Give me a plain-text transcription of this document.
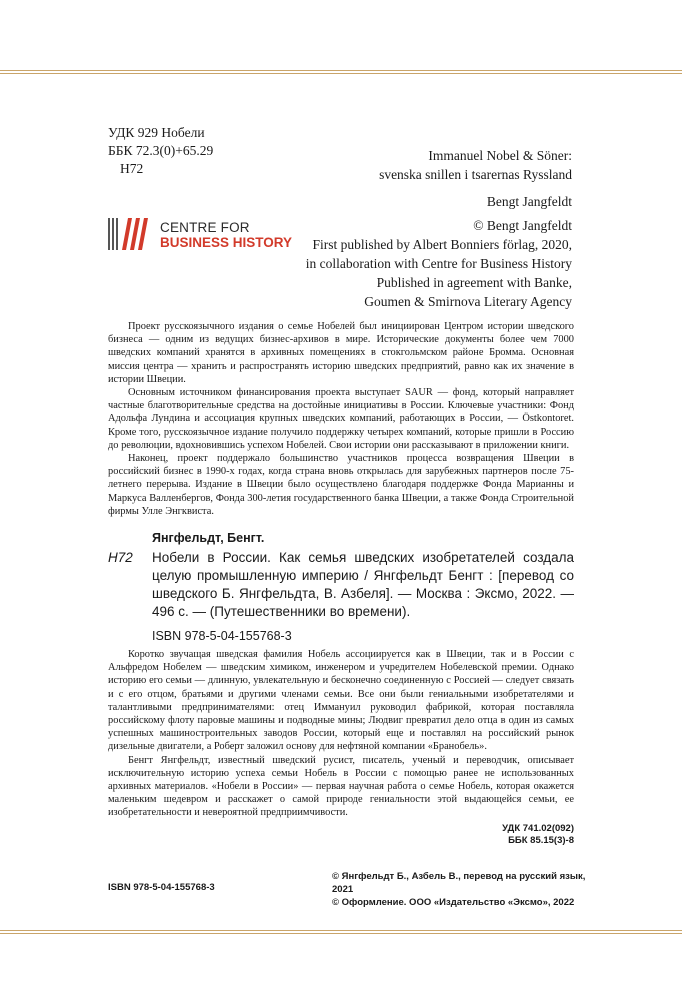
УДК 929 Нобели
ББК 72.3(0)+65.29
Н72
Immanuel Nobel & Söner:
svenska snillen i tsarernas Ryssland
Bengt Jangfeldt
© Bengt Jangfeldt
First published by Albert Bonniers förlag, 2020,
in collaboration with Centre for Business History
Published in agreement with Banke,
Goumen & Smirnova Literary Agency
CENTRE FOR
BUSINESS HISTORY

Проект русскоязычного издания о семье Нобелей был инициирован Центром истории шведского бизнеса — одним из ведущих бизнес-архивов в мире. Исторические документы более чем 7000 шведских компаний хранятся в архивных помещениях в стокгольмском районе Бромма. Основная миссия центра — хранить и распространять историю шведских предприятий, равно как их значение в истории Швеции.

Основным источником финансирования проекта выступает SAUR — фонд, который направляет частные благотворительные средства на достойные инициативы в России. Ключевые участники: Фонд Адольфа Лундина и ассоциация крупных шведских компаний, работающих в России, — Östkontoret. Кроме того, русскоязычное издание получило поддержку четырех компаний, которые пришли в Россию до революции, вдохновившись успехом Нобелей. Свои истории они рассказывают в приложении книги.

Наконец, проект поддержало большинство участников процесса возвращения Швеции в российский бизнес в 1990-х годах, когда страна вновь открылась для зарубежных партнеров после 75-летнего перерыва. Издание в Швеции было осуществлено благодаря поддержке Фонда Марианны и Маркуса Валленбергов, Фонда 300-летия государственного банка Швеции, а также Фонда Строительной фирмы Улле Энгквиста.

Янгфельдт, Бенгт.
Н72 Нобели в России. Как семья шведских изобретателей создала целую промышленную империю / Янгфельдт Бенгт : [перевод со шведского Б. Янгфельдта, В. Азбеля]. — Москва : Эксмо, 2022. — 496 с. — (Путешественники во времени).
ISBN 978-5-04-155768-3

Коротко звучащая шведская фамилия Нобель ассоциируется как в Швеции, так и в России с Альфредом Нобелем — шведским химиком, инженером и учредителем Нобелевской премии. Однако историю его семьи — длинную, увлекательную и бесконечно соединенную с Россией — следует связать и с его отцом, братьями и другими членами семьи. Все они были гениальными изобретателями и талантливыми предпринимателями: отец Иммануил руководил фабрикой, которая поставляла российскому флоту паровые машины и подводные мины; Людвиг превратил дело отца в один из самых успешных машиностроительных заводов России, который еще и поставлял на российский рынок дизельные двигатели, а Роберт заложил основу для нефтяной компании «Бранобель».

Бенгт Янгфельдт, известный шведский русист, писатель, ученый и переводчик, описывает исключительную историю успеха семьи Нобель в России с помощью ранее не использованных архивных материалов. «Нобели в России» — первая научная работа о семье Нобель, которая окажется маленьким шедевром и расскажет о самой природе гениальности этой выдающейся семьи, ее изобретательности и невероятной предприимчивости.

УДК 741.02(092)
ББК 85.15(3)-8
ISBN 978-5-04-155768-3
© Янгфельдт Б., Азбель В., перевод на русский язык, 2021
© Оформление. ООО «Издательство «Эксмо», 2022
